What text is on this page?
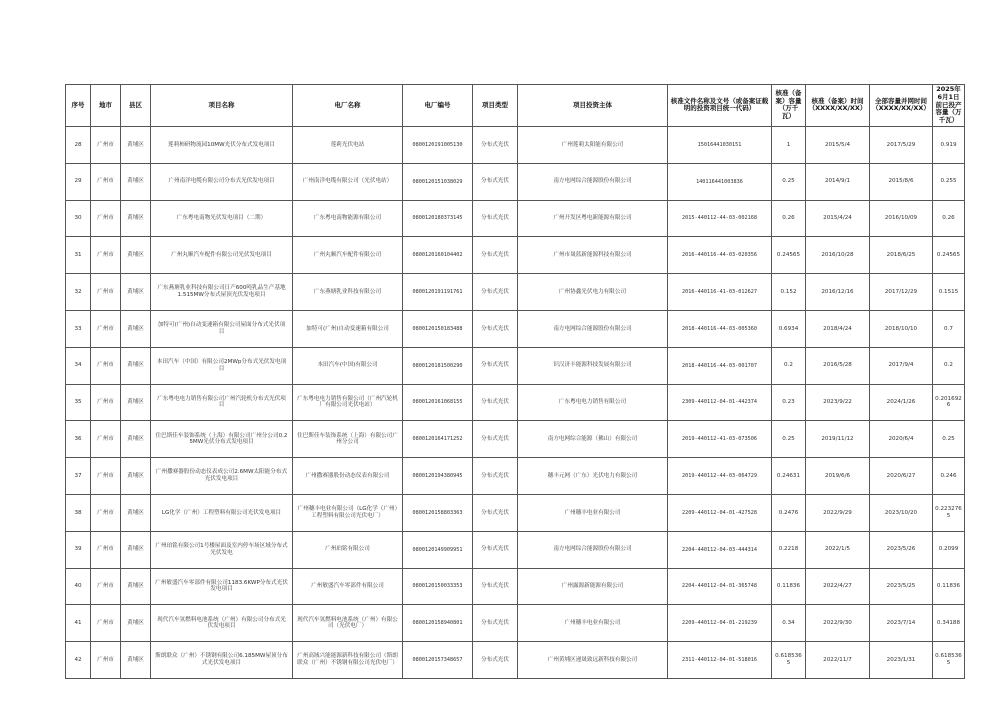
序号	地市	县区	项目名称	电厂名称	电厂编号	项目类型	项目投资主体	核准文件名称及文号（或备案证载明的投资项目统一代码）	核准（备案）容量（万千瓦）	核准（备案）时间（XXXX/XX/XX）	全部容量并网时间（XXXX/XX/XX）	2025年6月1日前已投产容量（万千瓦）
28	广州市	黄埔区	莲莉柿研物流园10MW光伏分布式发电项目	莲莉光伏电站	0800120191005130	分布式光伏	广州莲莉太阳能有限公司	15016441030151	1	2015/5/4	2017/5/29	0.919
29	广州市	黄埔区	广州南洋电缆有限公司分布式光伏发电项目	广州南洋电缆有限公司（光伏电站）	0800120151038029	分布式光伏	南方电网综合能源股份有限公司	140116441003836	0.25	2014/9/1	2015/8/6	0.255
30	广州市	黄埔区	广东粤电南物光伏发电项目（二期）	广东粤电南物能源有限公司	0800120180373145	分布式光伏	广州开发区粤电新能源有限公司	2015-440112-44-03-002168	0.26	2015/4/24	2016/10/09	0.26
31	广州市	黄埔区	广州丸顺汽车配件有限公司光伏发电项目	广州丸顺汽车配件有限公司	0800120160104402	分布式光伏	广州市晟蓝新能源科技有限公司	2016-440116-44-03-020356	0.24565	2016/10/28	2018/6/25	0.24565
32	广州市	黄埔区	广东燕塘乳业科技有限公司日产600吨乳品生产基地1.515MW分布式屋顶光伏发电项目	广东燕塘乳业科技有限公司	0800120191191761	分布式光伏	广州协鑫光伏电力有限公司	2016-440116-41-03-012627	0.152	2016/12/16	2017/12/29	0.1515
33	广州市	黄埔区	加特可(广州)自动变速箱有限公司屋面分布式光伏项目	加特可(广州)自动变速箱有限公司	0800120150183488	分布式光伏	南方电网综合能源股份有限公司	2018-440116-44-03-005360	0.6934	2018/4/24	2018/10/10	0.7
34	广州市	黄埔区	本田汽车（中国）有限公司2MWp分布式光伏发电项目	本田汽车(中国)有限公司	0800120181500290	分布式光伏	识汉济丰能源科技发展有限公司	2018-440116-44-03-001707	0.2	2016/5/28	2017/9/4	0.2
35	广州市	黄埔区	广东粤电电力销售有限公司广州汽轮机分布式光伏项目	广东粤电电力销售有限公司（广州汽轮机厂有限公司光伏电站）	0800120161068155	分布式光伏	广东粤电电力销售有限公司	2309-440112-04-01-442374	0.23	2023/9/22	2024/1/26	0.2016926
36	广州市	黄埔区	住巴斯佳车装饰系统（上海）有限公司广州分公司0.25MW光伏分布式发电项目	住巴斯佳车装饰系统（上海）有限公司广州分公司	0800120164171252	分布式光伏	南方电网综合能源（佛山）有限公司	2019-440112-41-03-073506	0.25	2019/11/12	2020/6/4	0.25
37	广州市	黄埔区	广州撒赛器股份动态仪表成公司2.6MW太阳能分布式光伏发电项目	广州撒赛器股份动态仪表有限公司	0800120194380945	分布式光伏	穗丰元网（广东）光伏电力有限公司	2019-440112-44-03-064729	0.24631	2019/6/6	2020/6/27	0.246
38	广州市	黄埔区	LG化学（广州）工程塑料有限公司光伏发电项目	广州穗丰电业有限公司（LG化学（广州）工程塑料有限公司光伏电厂）	0800120158803363	分布式光伏	广州穗丰电业有限公司	2209-440112-04-01-427528	0.2476	2022/9/29	2023/10/20	0.2232765
39	广州市	黄埔区	广州珀铭有限公司1号楼屋面及室内停车场区域分布式光伏发电	广州珀铭有限公司	0800120149909951	分布式光伏	南方电网综合能源股份有限公司	2204-440112-04-03-444314	0.2218	2022/1/5	2023/5/26	0.2099
40	广州市	黄埔区	广州敏盛汽车零部件有限公司1183.6KWP分布式光伏发电项目	广州敏盛汽车零部件有限公司	0800120150033353	分布式光伏	广州露源新能源有限公司	2204-440112-04-01-365748	0.11836	2022/4/27	2023/5/25	0.11836
41	广州市	黄埔区	现代汽车氢燃料电池系统（广州）有限公司分布式光伏发电项目	现代汽车氢燃料电池系统（广州）有限公司（光伏电厂）	0800120158940801	分布式光伏	广州穗丰电业有限公司	2209-440112-04-01-219239	0.34	2022/9/30	2023/7/14	0.34188
42	广州市	黄埔区	斯朗联众（广州）不锈钢有限公司6.185MW屋顶分布式光伏发电项目	广州高域兴能能源新科技有限公司（斯朗联众（广州）不锈钢有限公司光伏电厂）	0800120157348657	分布式光伏	广州黄埔区递晟致远新科技有限公司	2311-440112-04-01-518016	0.6185365	2022/11/7	2023/1/31	0.6185365
